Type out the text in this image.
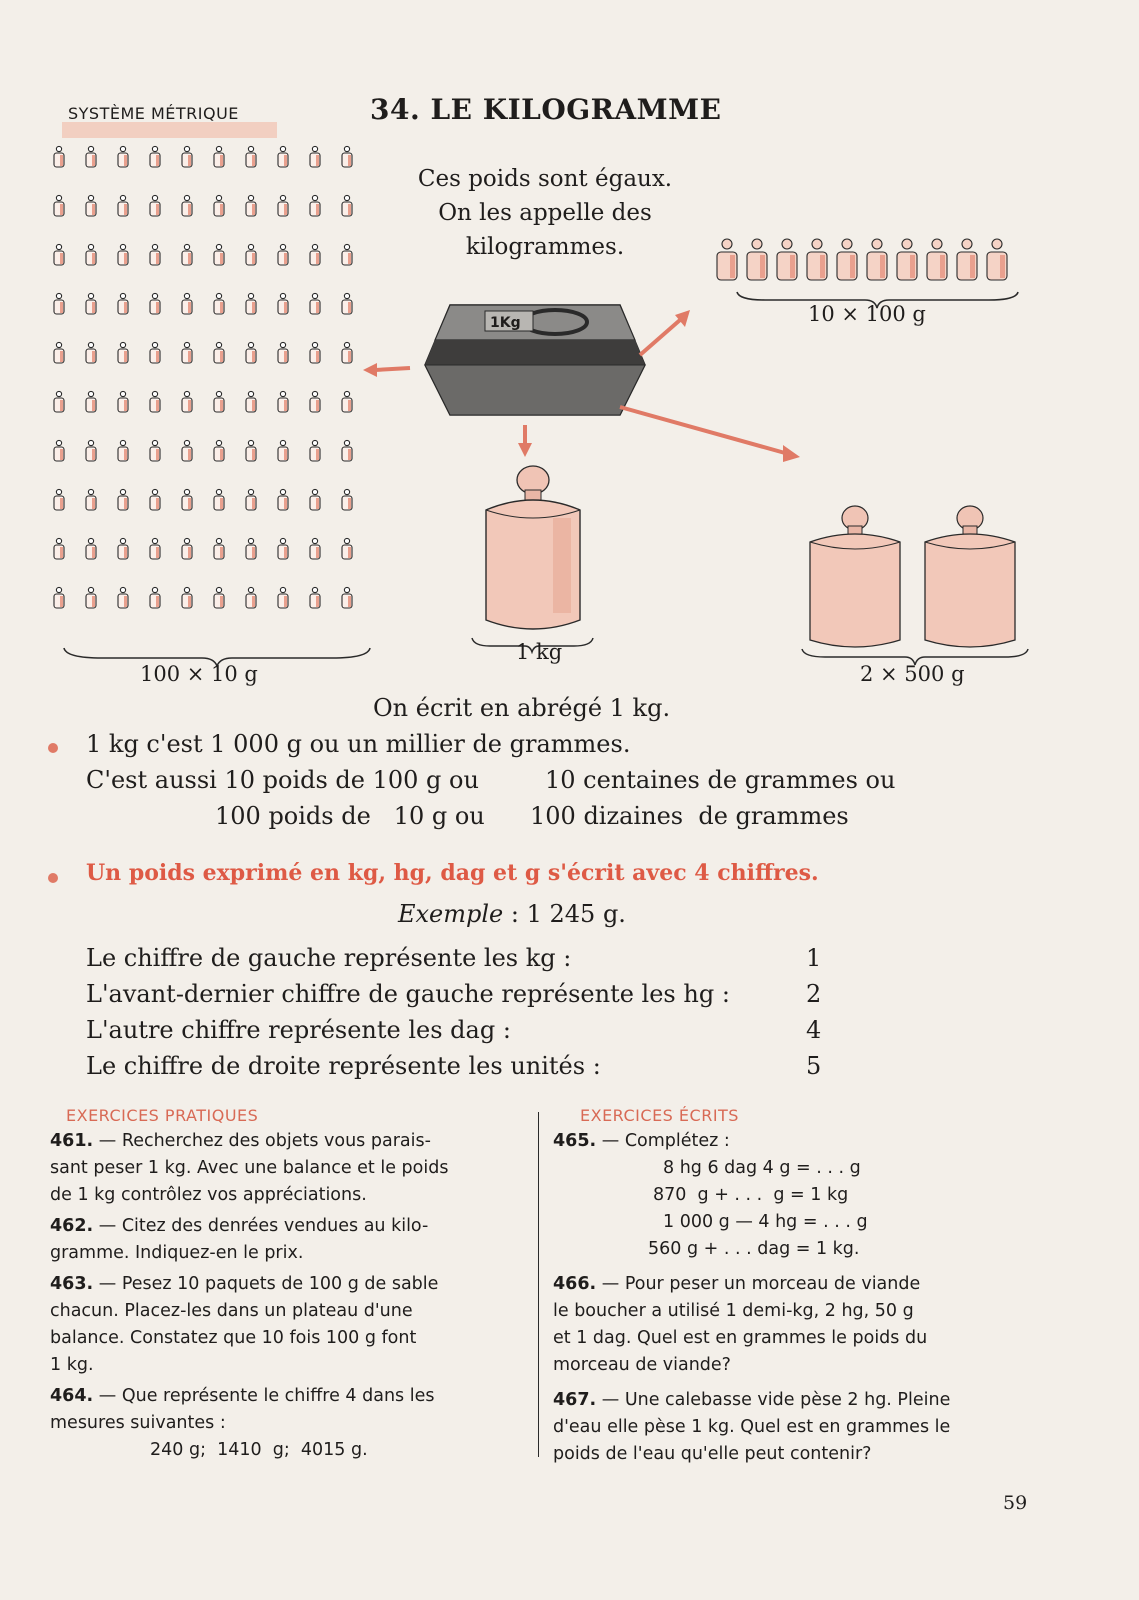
SYSTÈME MÉTRIQUE	34. LE KILOGRAMME
Ces poids sont égaux.
On les appelle des
kilogrammes.
100 × 10 g
10 × 100 g
1Kg
1 kg
2 × 500 g
On écrit en abrégé 1 kg.
1 kg c'est 1 000 g ou un millier de grammes.
C'est aussi 10 poids de 100 g ou	10 centaines de grammes ou
100 poids de   10 g ou 100 dizaines  de grammes
Un poids exprimé en kg, hg, dag et g s'écrit avec 4 chiffres.
Exemple : 1 245 g.
Le chiffre de gauche représente les kg :	1
L'avant-dernier chiffre de gauche représente les hg :	2
L'autre chiffre représente les dag :	4
Le chiffre de droite représente les unités :	5
EXERCICES PRATIQUES	EXERCICES ÉCRITS
461. — Recherchez des objets vous parais-
sant peser 1 kg. Avec une balance et le poids
de 1 kg contrôlez vos appréciations.
462. — Citez des denrées vendues au kilo-
gramme. Indiquez-en le prix.
463. — Pesez 10 paquets de 100 g de sable
chacun. Placez-les dans un plateau d'une
balance. Constatez que 10 fois 100 g font
1 kg.
464. — Que représente le chiffre 4 dans les
mesures suivantes :
240 g;  1410  g;  4015 g.
465. — Complétez :
8 hg 6 dag 4 g = . . . g
870  g + . . .  g = 1 kg
1 000 g — 4 hg = . . . g
560 g + . . . dag = 1 kg.
466. — Pour peser un morceau de viande
le boucher a utilisé 1 demi-kg, 2 hg, 50 g
et 1 dag. Quel est en grammes le poids du
morceau de viande?
467. — Une calebasse vide pèse 2 hg. Pleine
d'eau elle pèse 1 kg. Quel est en grammes le
poids de l'eau qu'elle peut contenir?
59
